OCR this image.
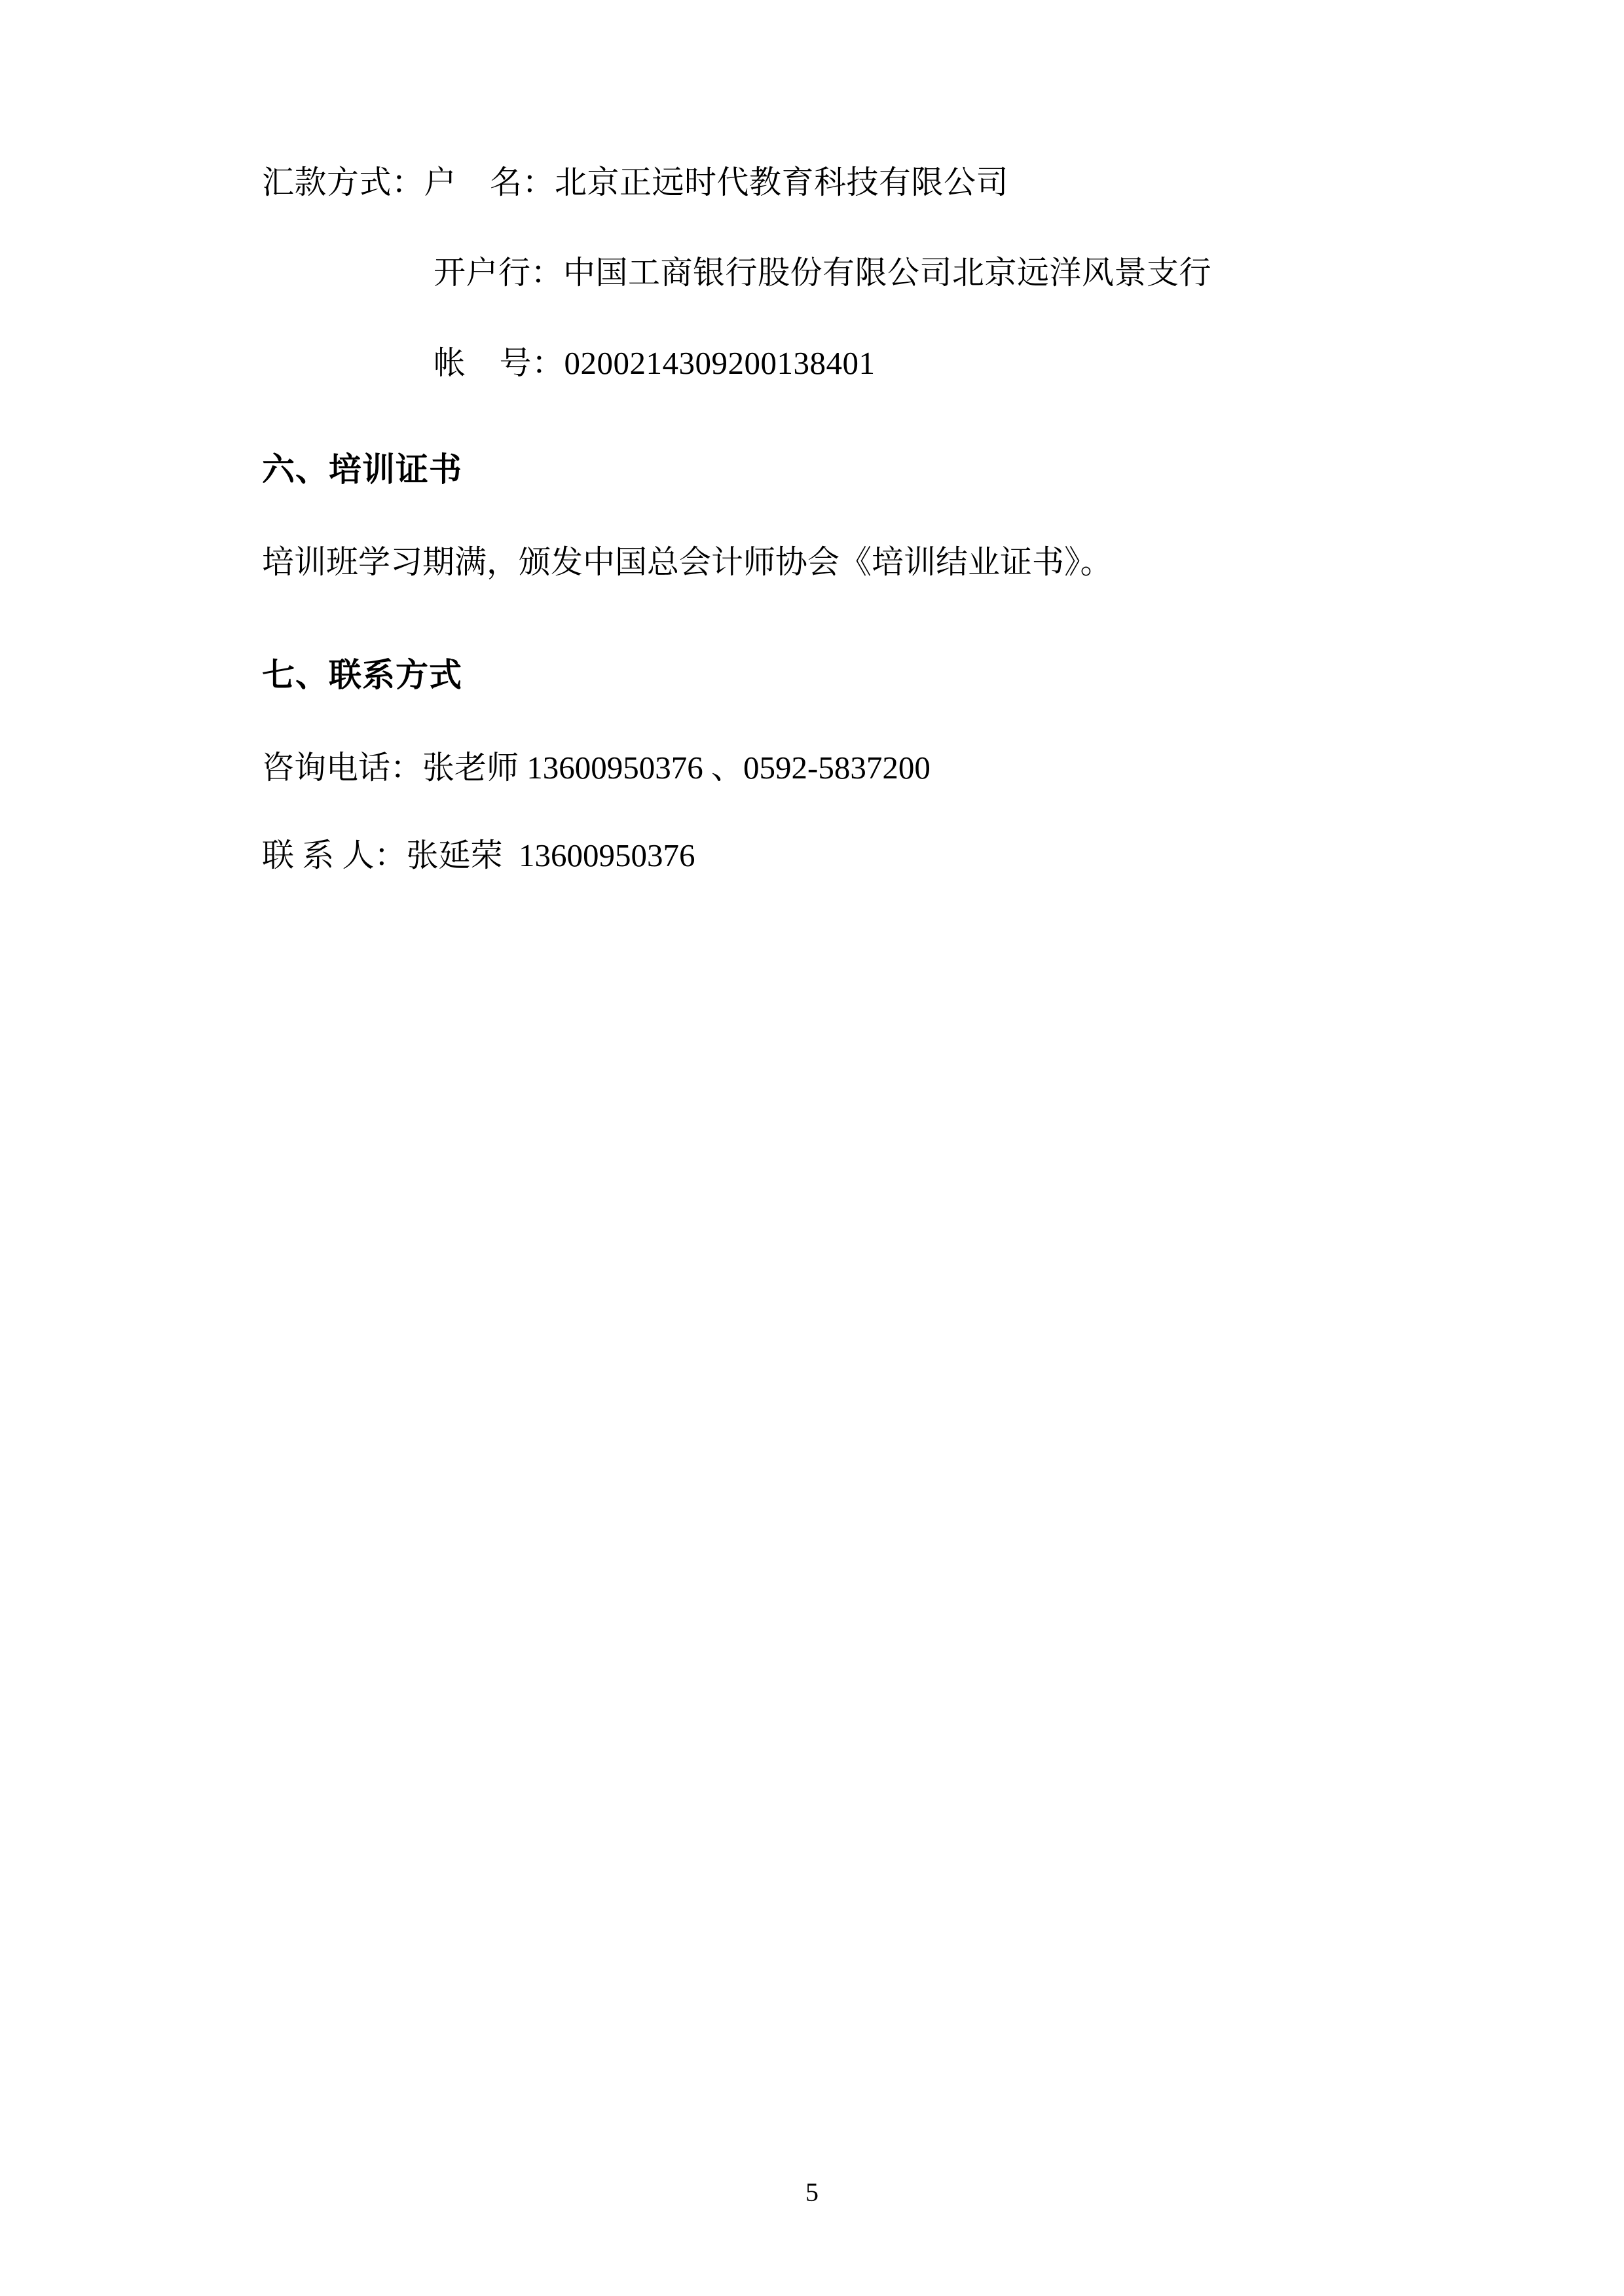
汇款方式：户    名：北京正远时代教育科技有限公司
开户行：中国工商银行股份有限公司北京远洋风景支行
帐    号：0200214309200138401
六、培训证书
培训班学习期满，颁发中国总会计师协会《培训结业证书》。
七、联系方式
咨询电话：张老师 13600950376 、0592-5837200
联 系 人：张延荣  13600950376
5
